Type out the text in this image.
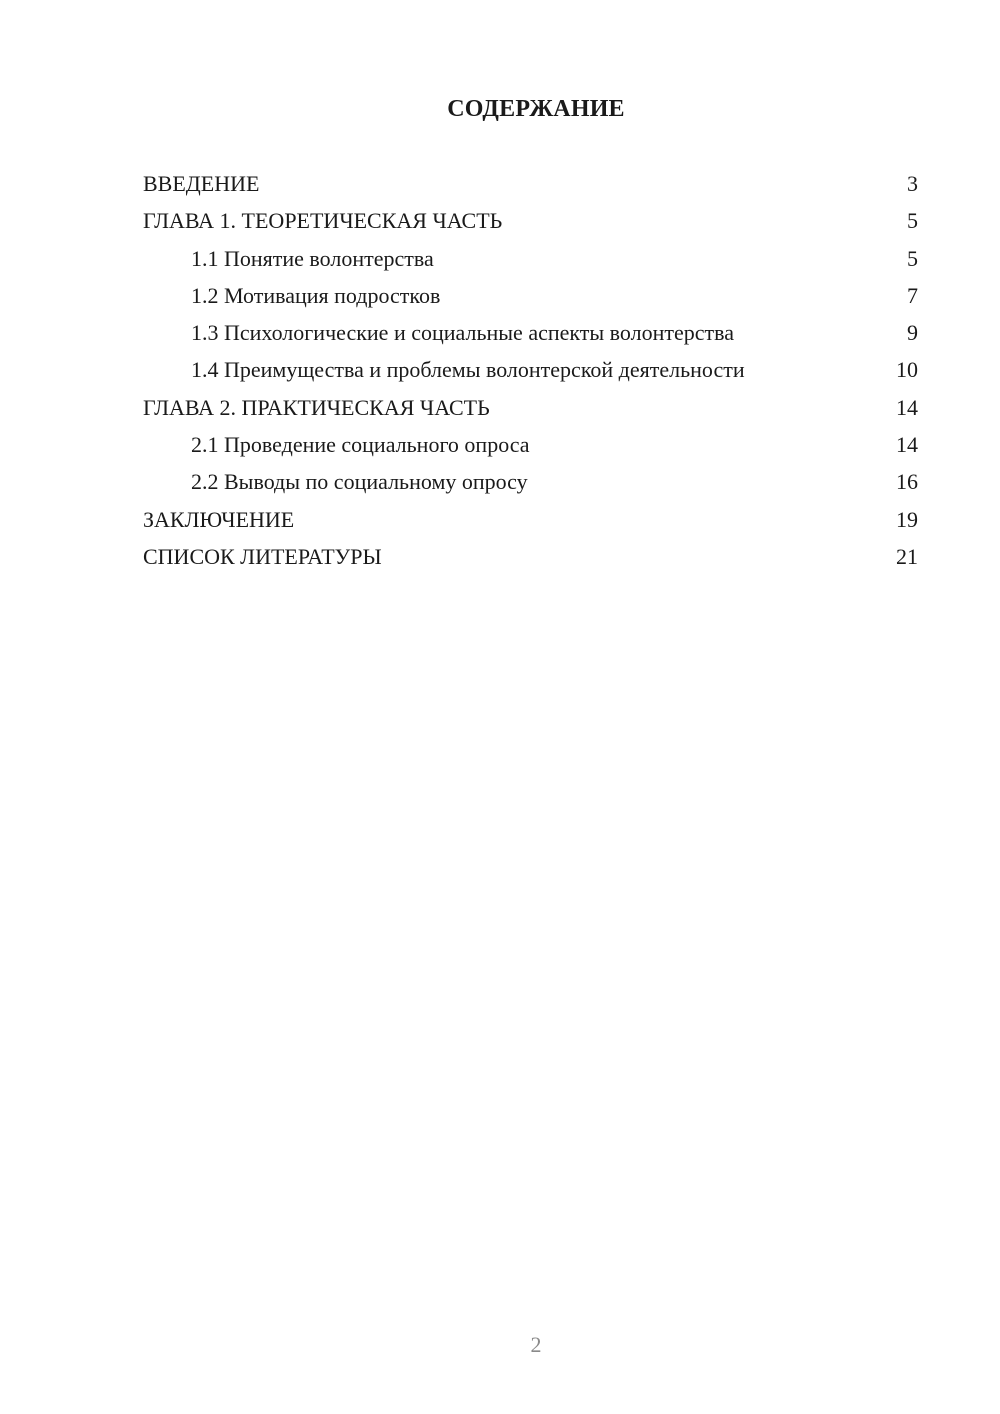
СОДЕРЖАНИЕ
ВВЕДЕНИЕ	3
ГЛАВА 1. ТЕОРЕТИЧЕСКАЯ ЧАСТЬ	5
1.1 Понятие волонтерства	5
1.2 Мотивация подростков	7
1.3 Психологические и социальные аспекты волонтерства	9
1.4 Преимущества и проблемы волонтерской деятельности	10
ГЛАВА 2. ПРАКТИЧЕСКАЯ ЧАСТЬ	14
2.1 Проведение социального опроса	14
2.2 Выводы по социальному опросу	16
ЗАКЛЮЧЕНИЕ	19
СПИСОК ЛИТЕРАТУРЫ	21
2
